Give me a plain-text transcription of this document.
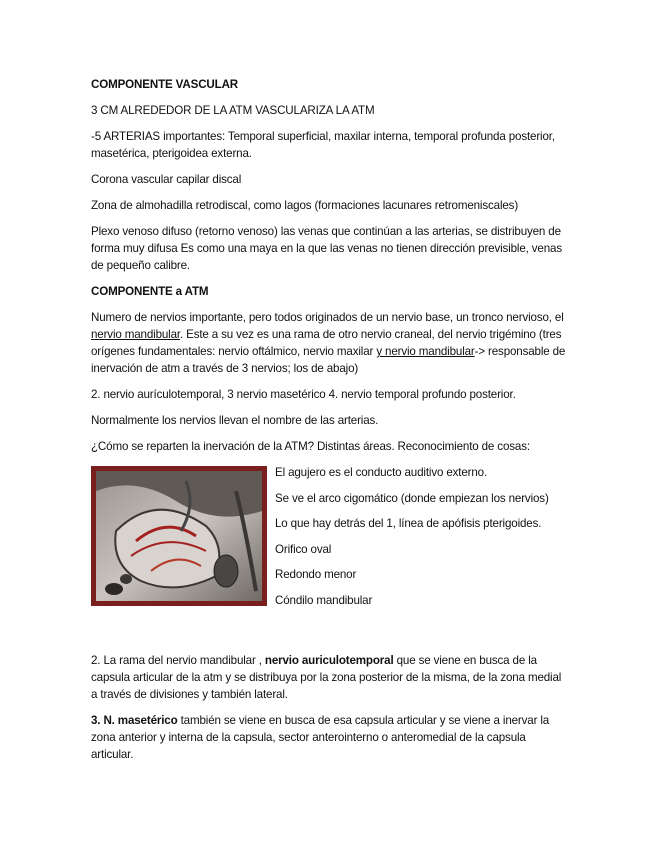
COMPONENTE VASCULAR

3 CM ALREDEDOR DE LA ATM VASCULARIZA LA ATM

-5 ARTERIAS importantes: Temporal superficial, maxilar interna, temporal profunda posterior, masetérica, pterigoidea externa.

Corona vascular capilar discal

Zona de almohadilla retrodiscal, como lagos (formaciones lacunares retromeniscales)

Plexo venoso difuso (retorno venoso) las venas que continúan a las arterias, se distribuyen de forma muy difusa Es como una maya en la que las venas no tienen dirección previsible, venas de pequeño calibre.

COMPONENTE a ATM

Numero de nervios importante, pero todos originados de un nervio base, un tronco nervioso, el nervio mandibular. Este a su vez es una rama de otro nervio craneal, del nervio trigémino (tres orígenes fundamentales: nervio oftálmico, nervio maxilar y nervio mandibular-> responsable de inervación de atm a través de 3 nervios; los de abajo)

2. nervio aurículotemporal, 3 nervio masetérico 4. nervio temporal profundo posterior.

Normalmente los nervios llevan el nombre de las arterias.

¿Cómo se reparten la inervación de la ATM? Distintas áreas. Reconocimiento de cosas:

El agujero es el conducto auditivo externo.
Se ve el arco cigomático (donde empiezan los nervios)
Lo que hay detrás del 1, línea de apófisis pterigoides.
Orifico oval
Redondo menor
Cóndilo mandibular

2. La rama del nervio mandibular , nervio auriculotemporal que se viene en busca de la capsula articular de la atm y se distribuya por la zona posterior de la misma, de la zona medial a través de divisiones y también lateral.

3. N. masetérico también se viene en busca de esa capsula articular y se viene a inervar la zona anterior y interna de la capsula, sector anterointerno o anteromedial de la capsula articular.
